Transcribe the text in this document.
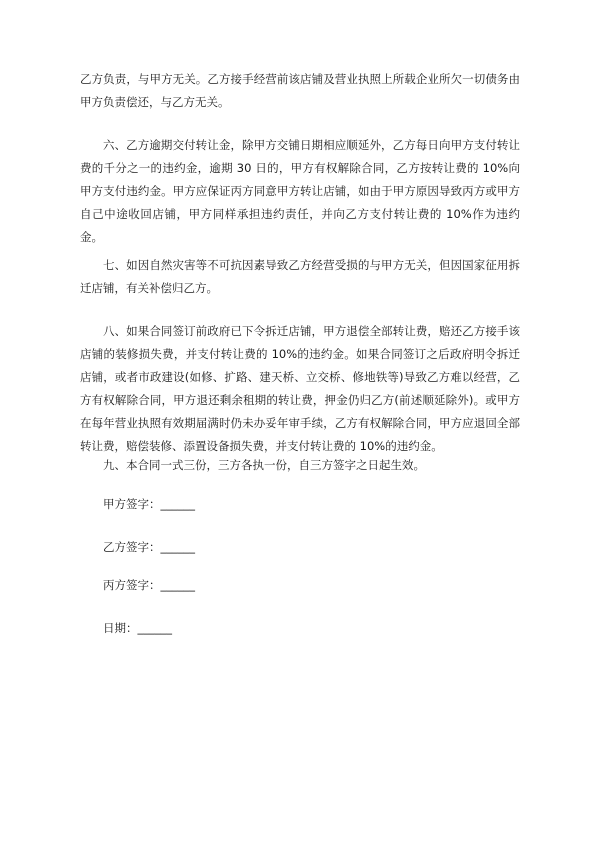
乙方负责，与甲方无关。乙方接手经营前该店铺及营业执照上所载企业所欠一切债务由甲方负责偿还，与乙方无关。

六、乙方逾期交付转让金，除甲方交铺日期相应顺延外，乙方每日向甲方支付转让费的千分之一的违约金，逾期 30 日的，甲方有权解除合同，乙方按转让费的 10%向甲方支付违约金。甲方应保证丙方同意甲方转让店铺，如由于甲方原因导致丙方或甲方自己中途收回店铺，甲方同样承担违约责任，并向乙方支付转让费的 10%作为违约金。

七、如因自然灾害等不可抗因素导致乙方经营受损的与甲方无关，但因国家征用拆迁店铺，有关补偿归乙方。

八、如果合同签订前政府已下令拆迁店铺，甲方退偿全部转让费，赔还乙方接手该店铺的装修损失费，并支付转让费的 10%的违约金。如果合同签订之后政府明令拆迁店铺，或者市政建设(如修、扩路、建天桥、立交桥、修地铁等)导致乙方难以经营，乙方有权解除合同，甲方退还剩余租期的转让费，押金仍归乙方(前述顺延除外)。或甲方在每年营业执照有效期届满时仍未办妥年审手续，乙方有权解除合同，甲方应退回全部转让费，赔偿装修、添置设备损失费，并支付转让费的 10%的违约金。

九、本合同一式三份，三方各执一份，自三方签字之日起生效。

甲方签字：______

乙方签字：______

丙方签字：______

日期：______
